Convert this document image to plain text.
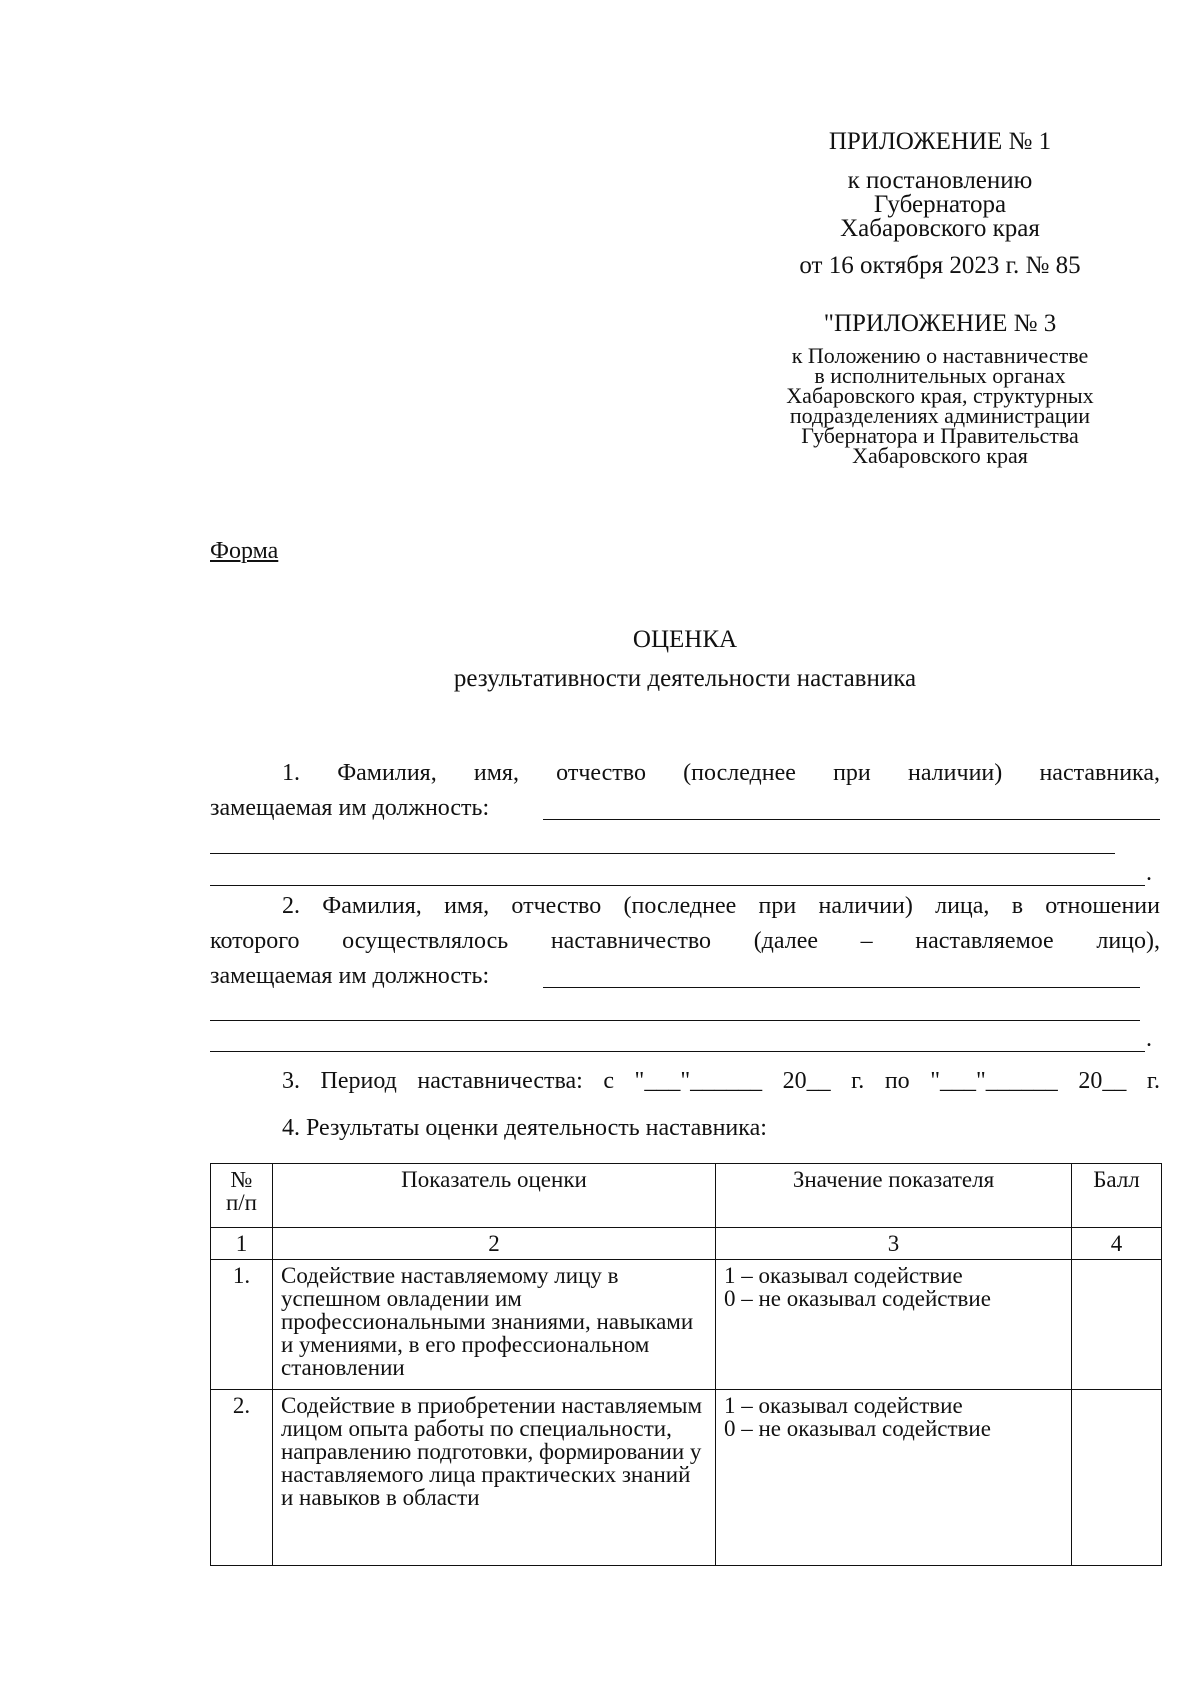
ПРИЛОЖЕНИЕ № 1
к постановлению
Губернатора
Хабаровского края
от 16 октября 2023 г. № 85
"ПРИЛОЖЕНИЕ № 3
к Положению о наставничестве
в исполнительных органах
Хабаровского края, структурных
подразделениях администрации
Губернатора и Правительства
Хабаровского края
Форма
ОЦЕНКА
результативности деятельности наставника
1. Фамилия, имя, отчество (последнее при наличии) наставника,
замещаемая им должность:
.
2. Фамилия, имя, отчество (последнее при наличии) лица, в отношении
которого осуществлялось наставничество (далее – наставляемое лицо),
замещаемая им должность:
.
3. Период наставничества: с "___"______ 20__ г. по "___"______ 20__ г.
4. Результаты оценки деятельность наставника:
№ п/п	Показатель оценки	Значение показателя	Балл
1	2	3	4
1.	Содействие наставляемому лицу в успешном овладении им профессиональными знаниями, навыками и умениями, в его профессиональном становлении	1 – оказывал содействие
0 – не оказывал содействие	

2.	Содействие в приобретении наставляемым лицом опыта работы по специальности, направлению подготовки, формировании у наставляемого лица практических знаний и навыков в области	1 – оказывал содействие
0 – не оказывал содействие	
